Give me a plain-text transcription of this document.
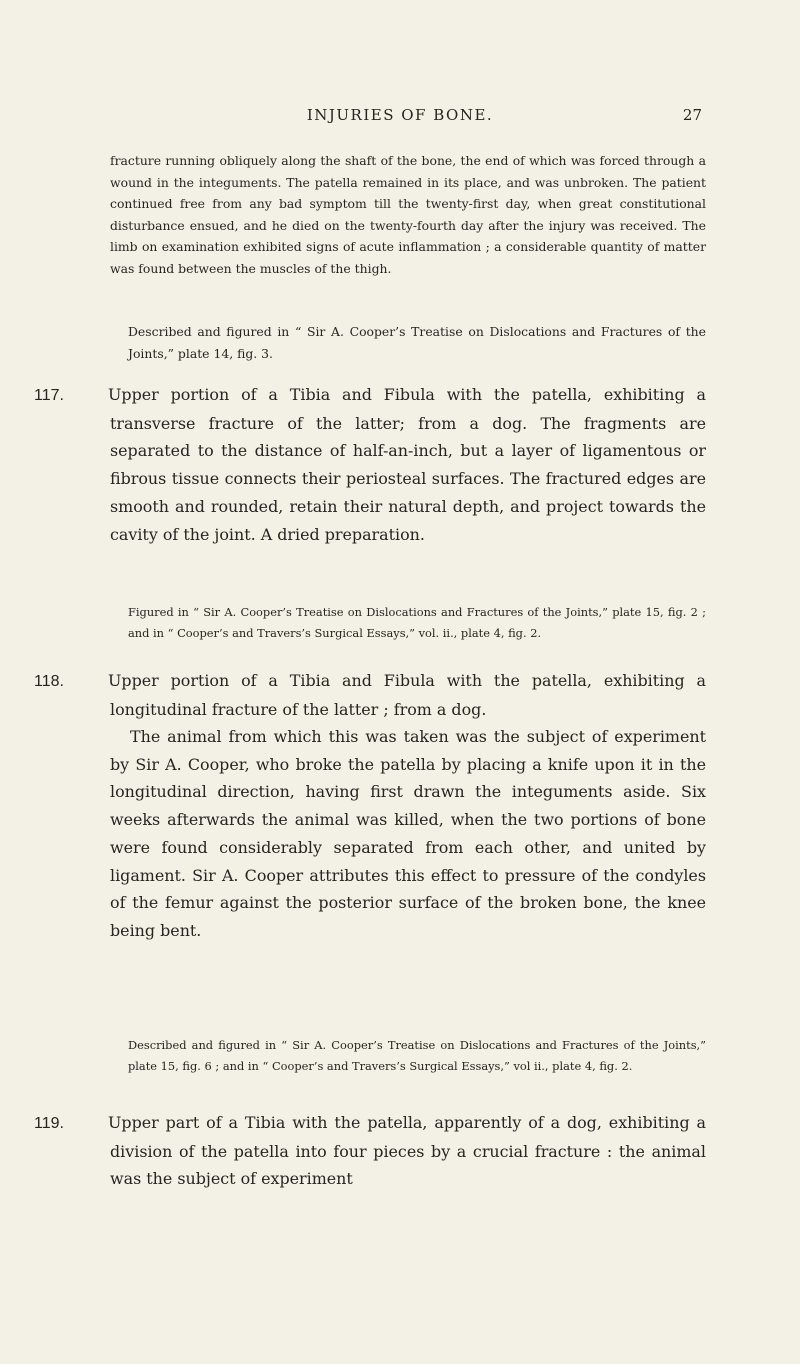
INJURIES OF BONE.	27

fracture running obliquely along the shaft of the bone, the end of which was forced through a wound in the integuments. The patella remained in its place, and was unbroken. The patient continued free from any bad symptom till the twenty-first day, when great constitutional disturbance ensued, and he died on the twenty-fourth day after the injury was received. The limb on examination exhibited signs of acute inflammation ; a considerable quantity of matter was found between the muscles of the thigh.

Described and figured in “ Sir A. Cooper’s Treatise on Dislocations and Fractures of the Joints,” plate 14, fig. 3.

117.	Upper portion of a Tibia and Fibula with the patella, exhibiting a transverse fracture of the latter; from a dog. The fragments are separated to the distance of half-an-inch, but a layer of ligamentous or fibrous tissue connects their periosteal surfaces. The fractured edges are smooth and rounded, retain their natural depth, and project towards the cavity of the joint. A dried preparation.

Figured in “ Sir A. Cooper’s Treatise on Dislocations and Fractures of the Joints,” plate 15, fig. 2 ; and in “ Cooper’s and Travers’s Surgical Essays,” vol. ii., plate 4, fig. 2.

118.	Upper portion of a Tibia and Fibula with the patella, exhibiting a longitudinal fracture of the latter ; from a dog.

The animal from which this was taken was the subject of experiment by Sir A. Cooper, who broke the patella by placing a knife upon it in the longitudinal direction, having first drawn the integuments aside. Six weeks afterwards the animal was killed, when the two portions of bone were found considerably separated from each other, and united by ligament. Sir A. Cooper attributes this effect to pressure of the condyles of the femur against the posterior surface of the broken bone, the knee being bent.

Described and figured in “ Sir A. Cooper’s Treatise on Dislocations and Fractures of the Joints,” plate 15, fig. 6 ; and in “ Cooper’s and Travers’s Surgical Essays,” vol ii., plate 4, fig. 2.

119.	Upper part of a Tibia with the patella, apparently of a dog, exhibiting a division of the patella into four pieces by a crucial fracture : the animal was the subject of experiment
